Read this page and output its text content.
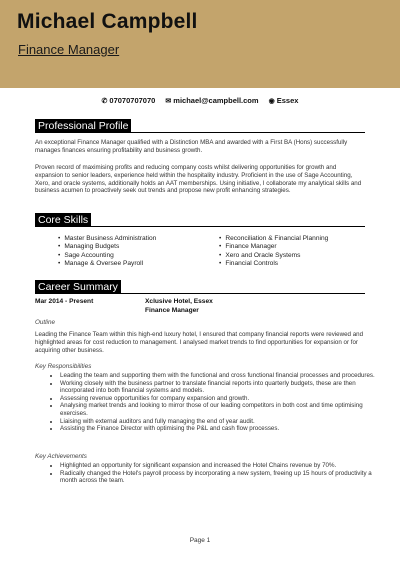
Michael Campbell
Finance Manager
✆ 07070707070 ✉ michael@campbell.com ◉ Essex
Professional Profile

An exceptional Finance Manager qualified with a Distinction MBA and awarded with a First BA (Hons) successfully manages finances ensuring profitability and business growth.

Proven record of maximising profits and reducing company costs whilst delivering opportunities for growth and expansion to senior leaders, experience held within the hospitality industry. Proficient in the use of Sage Accounting, Xero, and oracle systems, additionally holds an AAT memberships. Using initiative, I collaborate my analytical skills and business acumen to proactively seek out trends and propose new profit enhancing strategies.

Core Skills
• Master Business Administration
• Managing Budgets
• Sage Accounting
• Manage & Oversee Payroll
• Reconciliation & Financial Planning
• Finance Manager
• Xero and Oracle Systems
• Financial Controls
Career Summary
Mar 2014 - Present	Xclusive Hotel, Essex
Finance Manager
Outline

Leading the Finance Team within this high-end luxury hotel, I ensured that company financial reports were reviewed and highlighted areas for cost reduction to management. I analysed market trends to find opportunities for expansion or for acquiring other business.

Key Responsibilities
• Leading the team and supporting them with the functional and cross functional financial processes and procedures.
• Working closely with the business partner to translate financial reports into quarterly budgets, these are then incorporated into both financial systems and models.
• Assessing revenue opportunities for company expansion and growth.
• Analysing market trends and looking to mirror those of our leading competitors in both cost and time optimising exercises.
• Liaising with external auditors and fully managing the end of year audit.
• Assisting the Finance Director with optimising the P&L and cash flow processes.
Key Achievements
• Highlighted an opportunity for significant expansion and increased the Hotel Chains revenue by 70%.
• Radically changed the Hotel's payroll process by incorporating a new system, freeing up 15 hours of productivity a month across the team.
Page 1
